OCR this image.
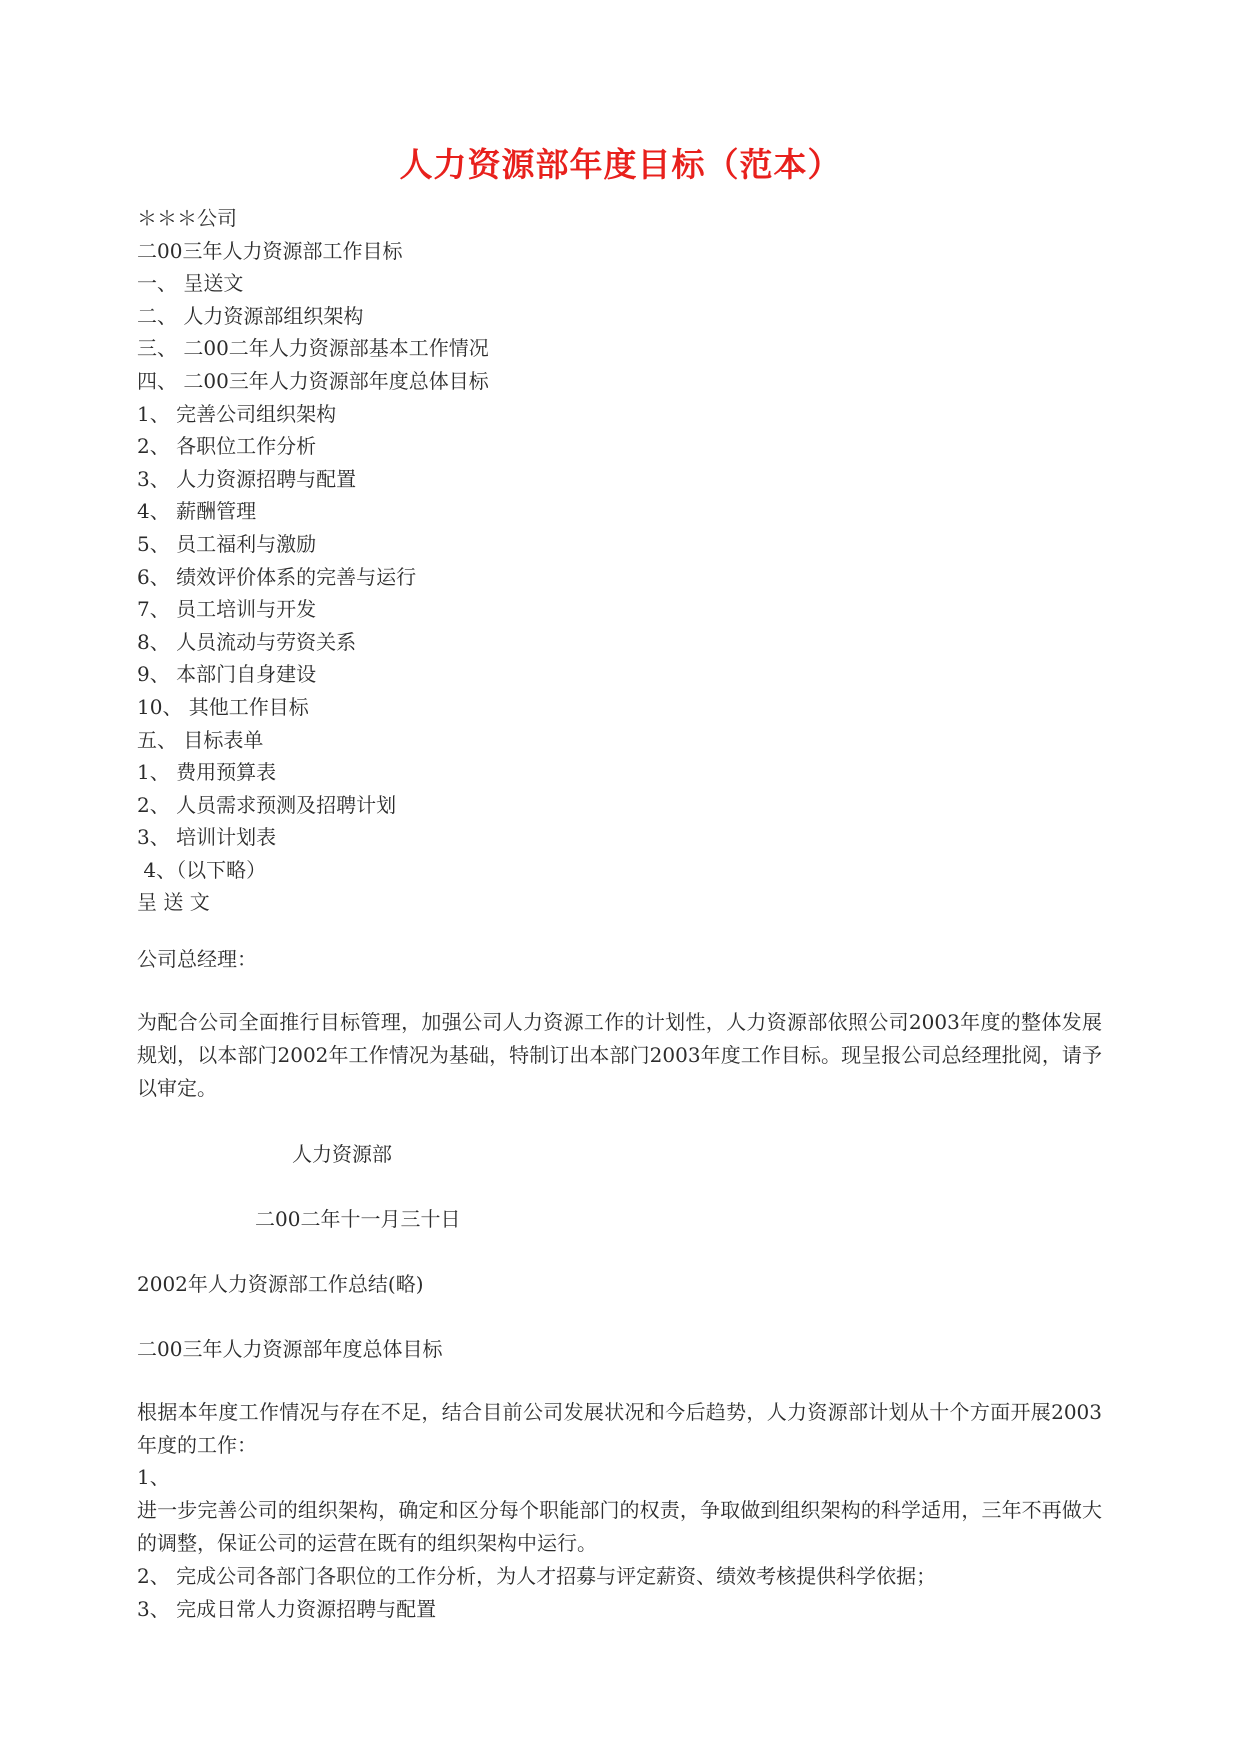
人力资源部年度目标（范本）
＊＊＊公司
二00三年人力资源部工作目标
一、 呈送文
二、 人力资源部组织架构
三、 二00二年人力资源部基本工作情况
四、 二00三年人力资源部年度总体目标
1、 完善公司组织架构
2、 各职位工作分析
3、 人力资源招聘与配置
4、 薪酬管理
5、 员工福利与激励
6、 绩效评价体系的完善与运行
7、 员工培训与开发
8、 人员流动与劳资关系
9、 本部门自身建设
10、 其他工作目标
五、 目标表单
1、 费用预算表
2、 人员需求预测及招聘计划
3、 培训计划表
4、（以下略）
呈 送 文
公司总经理：
为配合公司全面推行目标管理，加强公司人力资源工作的计划性，人力资源部依照公司2003年度的整体发展规划，以本部门2002年工作情况为基础，特制订出本部门2003年度工作目标。现呈报公司总经理批阅，请予以审定。
人力资源部
二00二年十一月三十日
2002年人力资源部工作总结(略)
二00三年人力资源部年度总体目标
根据本年度工作情况与存在不足，结合目前公司发展状况和今后趋势，人力资源部计划从十个方面开展2003年度的工作：
1、
进一步完善公司的组织架构，确定和区分每个职能部门的权责，争取做到组织架构的科学适用，三年不再做大的调整，保证公司的运营在既有的组织架构中运行。
2、 完成公司各部门各职位的工作分析，为人才招募与评定薪资、绩效考核提供科学依据；
3、 完成日常人力资源招聘与配置
